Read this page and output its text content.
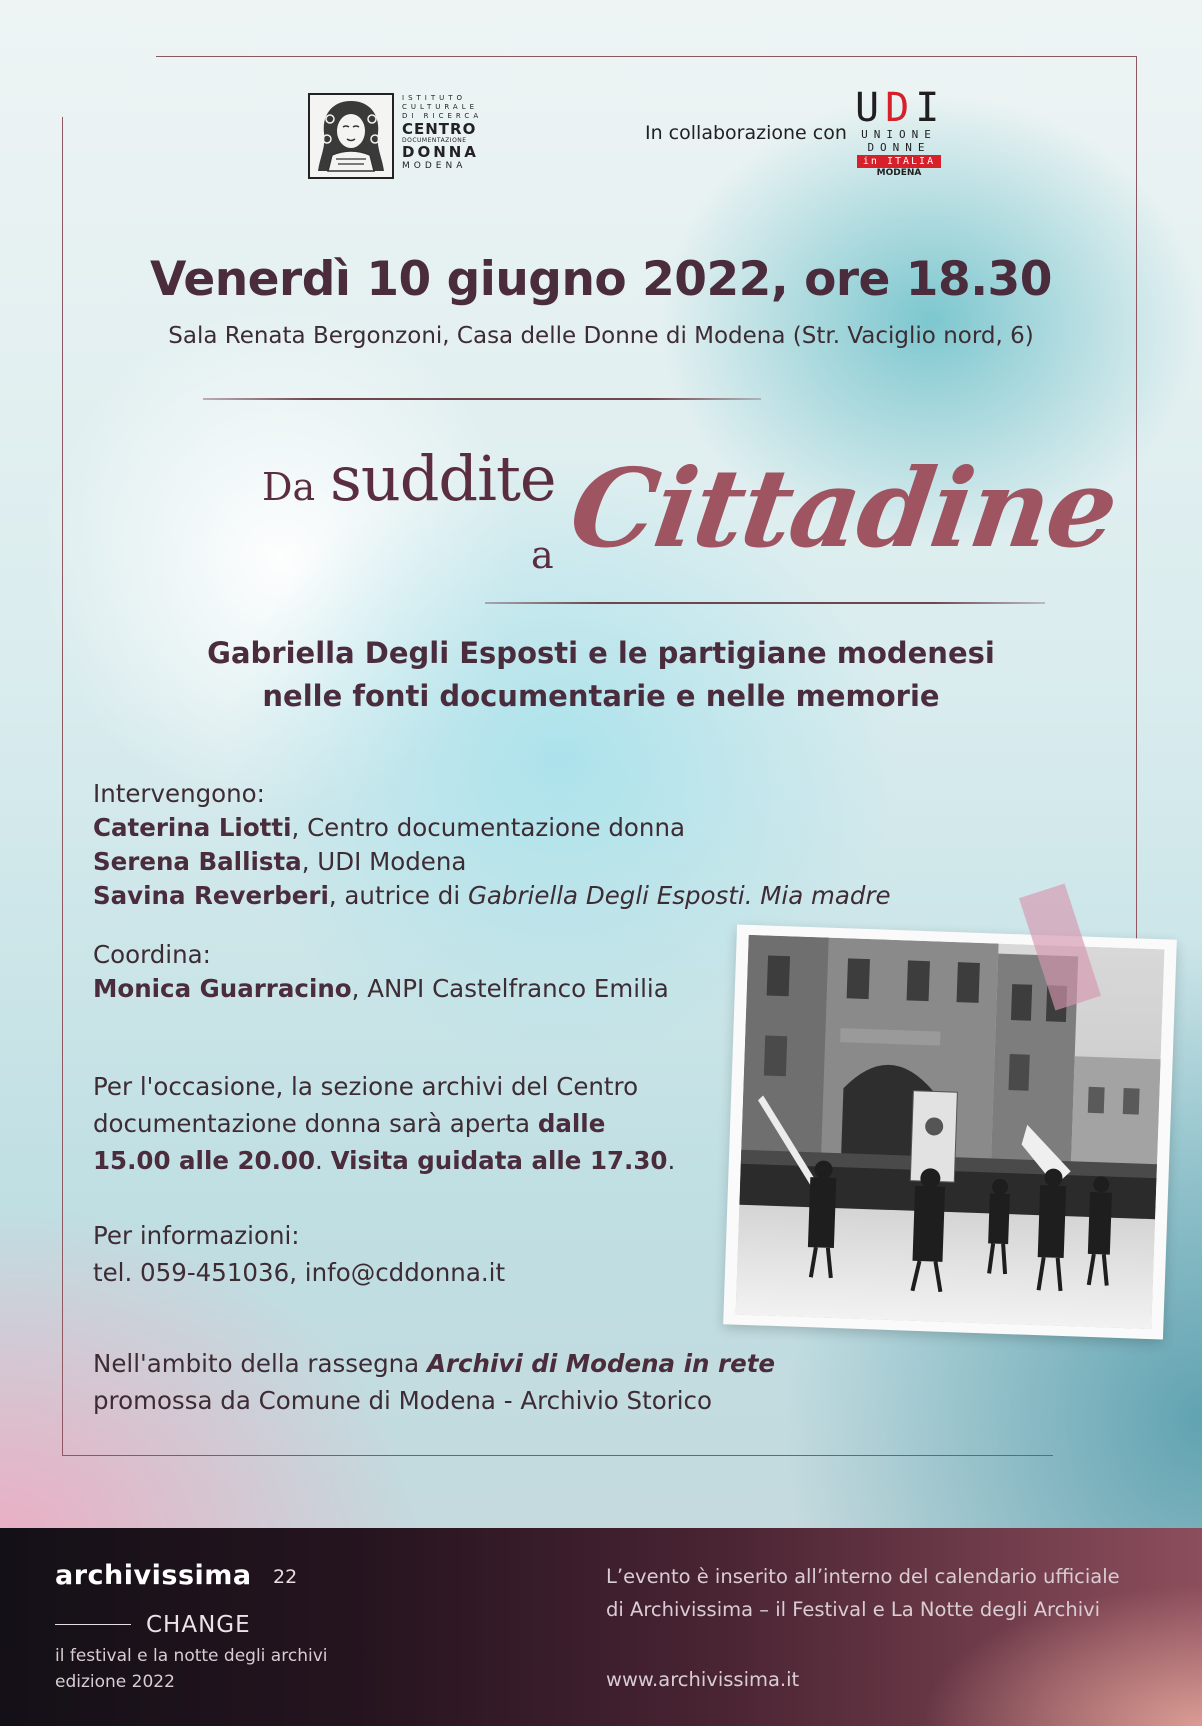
ISTITUTO
CULTURALE
DI RICERCA
CENTRO
DOCUMENTAZIONE
DONNA
MODENA
In collaborazione con
UDI
UNIONE
DONNE
in ITALIA
MODENA
Venerdì 10 giugno 2022, ore 18.30
Sala Renata Bergonzoni, Casa delle Donne di Modena (Str. Vaciglio nord, 6)
Da suddite
a Cittadine
Gabriella Degli Esposti e le partigiane modenesi
nelle fonti documentarie e nelle memorie
Intervengono:
Caterina Liotti, Centro documentazione donna
Serena Ballista, UDI Modena
Savina Reverberi, autrice di Gabriella Degli Esposti. Mia madre
Coordina:
Monica Guarracino, ANPI Castelfranco Emilia
Per l'occasione, la sezione archivi del Centro
documentazione donna sarà aperta dalle
15.00 alle 20.00. Visita guidata alle 17.30.
Per informazioni:
tel. 059-451036, info@cddonna.it
Nell'ambito della rassegna Archivi di Modena in rete
promossa da Comune di Modena - Archivio Storico
archivissima 22
CHANGE
il festival e la notte degli archivi
edizione 2022
L’evento è inserito all’interno del calendario ufficiale
di Archivissima – il Festival e La Notte degli Archivi
www.archivissima.it
